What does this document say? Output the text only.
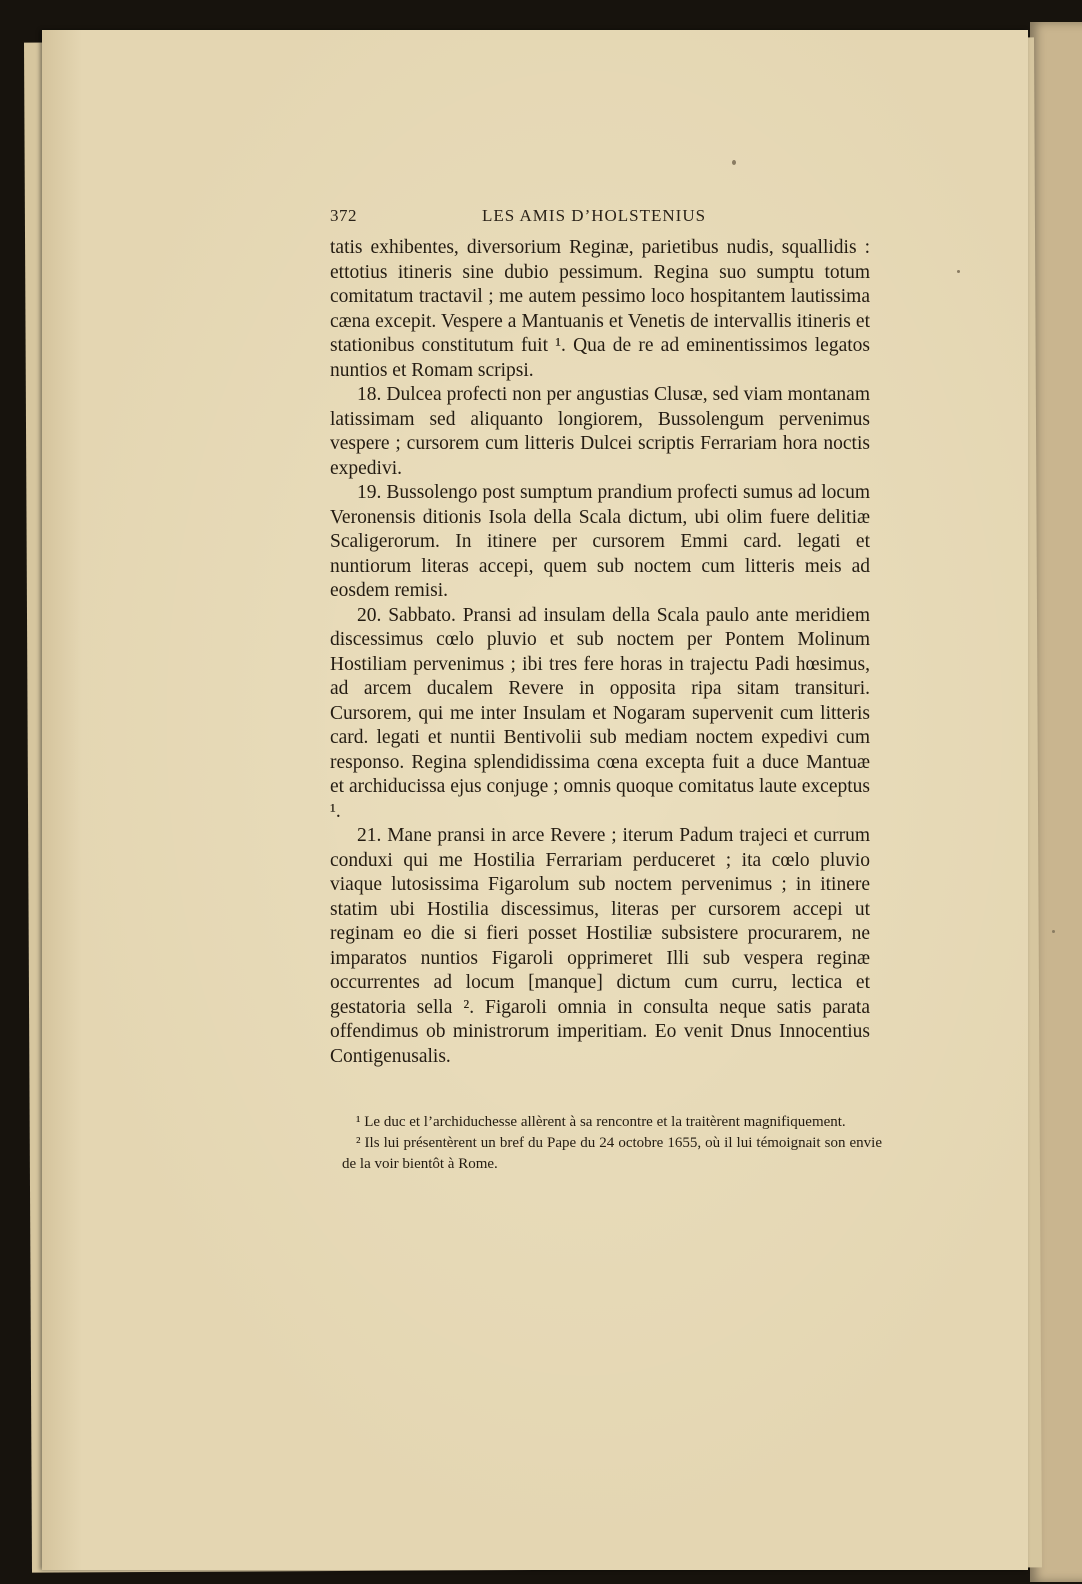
372	LES AMIS D’HOLSTENIUS

tatis exhibentes, diversorium Reginæ, parietibus nudis, squallidis : ettotius itineris sine dubio pessimum. Regina suo sumptu totum comitatum tractavil ; me autem pessimo loco hospitantem lautissima cæna excepit. Vespere a Mantuanis et Venetis de intervallis itineris et stationibus constitutum fuit ¹. Qua de re ad eminentissimos legatos nuntios et Romam scripsi.

18. Dulcea profecti non per angustias Clusæ, sed viam montanam latissimam sed aliquanto longiorem, Bussolengum pervenimus vespere ; cursorem cum litteris Dulcei scriptis Ferrariam hora noctis expedivi.

19. Bussolengo post sumptum prandium profecti sumus ad locum Veronensis ditionis Isola della Scala dictum, ubi olim fuere delitiæ Scaligerorum. In itinere per cursorem Emmi card. legati et nuntiorum literas accepi, quem sub noctem cum litteris meis ad eosdem remisi.

20. Sabbato. Pransi ad insulam della Scala paulo ante meridiem discessimus cœlo pluvio et sub noctem per Pontem Molinum Hostiliam pervenimus ; ibi tres fere horas in trajectu Padi hœsimus, ad arcem ducalem Revere in opposita ripa sitam transituri. Cursorem, qui me inter Insulam et Nogaram supervenit cum litteris card. legati et nuntii Bentivolii sub mediam noctem expedivi cum responso. Regina splendidissima cœna excepta fuit a duce Mantuæ et archiducissa ejus conjuge ; omnis quoque comitatus laute exceptus ¹.

21. Mane pransi in arce Revere ; iterum Padum trajeci et currum conduxi qui me Hostilia Ferrariam perduceret ; ita cœlo pluvio viaque lutosissima Figarolum sub noctem pervenimus ; in itinere statim ubi Hostilia discessimus, literas per cursorem accepi ut reginam eo die si fieri posset Hostiliæ subsistere procurarem, ne imparatos nuntios Figaroli opprimeret Illi sub vespera reginæ occurrentes ad locum [manque] dictum cum curru, lectica et gestatoria sella ². Figaroli omnia in consulta neque satis parata offendimus ob ministrorum imperitiam. Eo venit Dnus Innocentius Contigenusalis.

¹ Le duc et l’archiduchesse allèrent à sa rencontre et la traitèrent magnifiquement.

² Ils lui présentèrent un bref du Pape du 24 octobre 1655, où il lui témoignait son envie de la voir bientôt à Rome.
